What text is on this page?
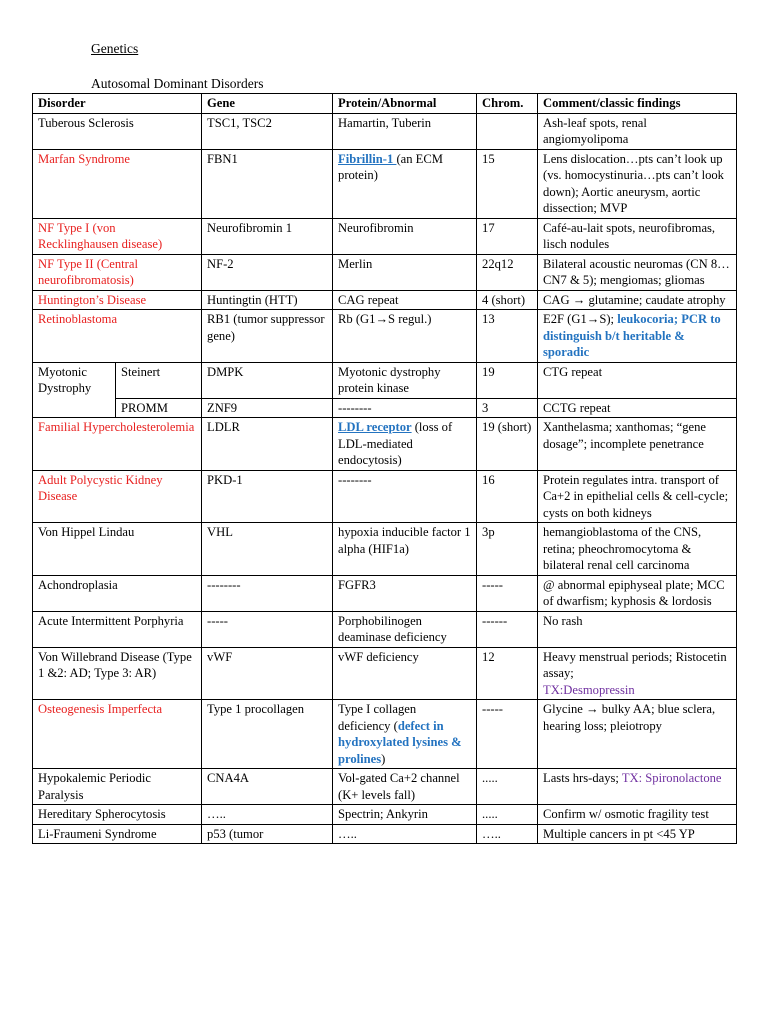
Genetics
Autosomal Dominant Disorders
Disorder		Gene	Protein/Abnormal	Chrom.	Comment/classic findings
Tuberous Sclerosis		TSC1, TSC2	Hamartin, Tuberin		Ash-leaf spots, renal angiomyolipoma
Marfan Syndrome		FBN1	Fibrillin-1 (an ECM protein)	15	Lens dislocation…pts can’t look up (vs. homocystinuria…pts can’t look down); Aortic aneurysm, aortic dissection; MVP
NF Type I (von Recklinghausen disease)		Neurofibromin 1	Neurofibromin	17	Café-au-lait spots, neurofibromas, lisch nodules
NF Type II (Central neurofibromatosis)		NF-2	Merlin	22q12	Bilateral acoustic neuromas (CN 8…CN7 & 5); mengiomas; gliomas
Huntington’s Disease		Huntingtin (HTT)	CAG repeat	4 (short)	CAG → glutamine; caudate atrophy
Retinoblastoma		RB1 (tumor suppressor gene)	Rb (G1→S regul.)	13	E2F (G1→S); leukocoria; PCR to distinguish b/t heritable & sporadic
Myotonic Dystrophy	Steinert	DMPK	Myotonic dystrophy protein kinase	19	CTG repeat
	PROMM	ZNF9	--------	3	CCTG repeat
Familial Hypercholesterolemia		LDLR	LDL receptor (loss of LDL-mediated endocytosis)	19 (short)	Xanthelasma; xanthomas; “gene dosage”; incomplete penetrance
Adult Polycystic Kidney Disease		PKD-1	--------	16	Protein regulates intra. transport of Ca+2 in epithelial cells & cell-cycle; cysts on both kidneys
Von Hippel Lindau		VHL	hypoxia inducible factor 1 alpha (HIF1a)	3p	hemangioblastoma of the CNS, retina; pheochromocytoma & bilateral renal cell carcinoma
Achondroplasia		--------	FGFR3	-----	@ abnormal epiphyseal plate; MCC of dwarfism; kyphosis & lordosis
Acute Intermittent Porphyria		-----	Porphobilinogen deaminase deficiency	------	No rash
Von Willebrand Disease (Type 1 &2: AD; Type 3: AR)		vWF	vWF deficiency	12	Heavy menstrual periods; Ristocetin assay;
TX:Desmopressin
Osteogenesis Imperfecta		Type 1 procollagen	Type I collagen deficiency (defect in hydroxylated lysines & prolines)	-----	Glycine → bulky AA; blue sclera, hearing loss; pleiotropy
Hypokalemic Periodic Paralysis		CNA4A	Vol-gated Ca+2 channel (K+ levels fall)	.....	Lasts hrs-days; TX: Spironolactone
Hereditary Spherocytosis		…..	Spectrin; Ankyrin	.....	Confirm w/ osmotic fragility test
Li-Fraumeni Syndrome		p53 (tumor	…..	…..	Multiple cancers in pt <45 YP
